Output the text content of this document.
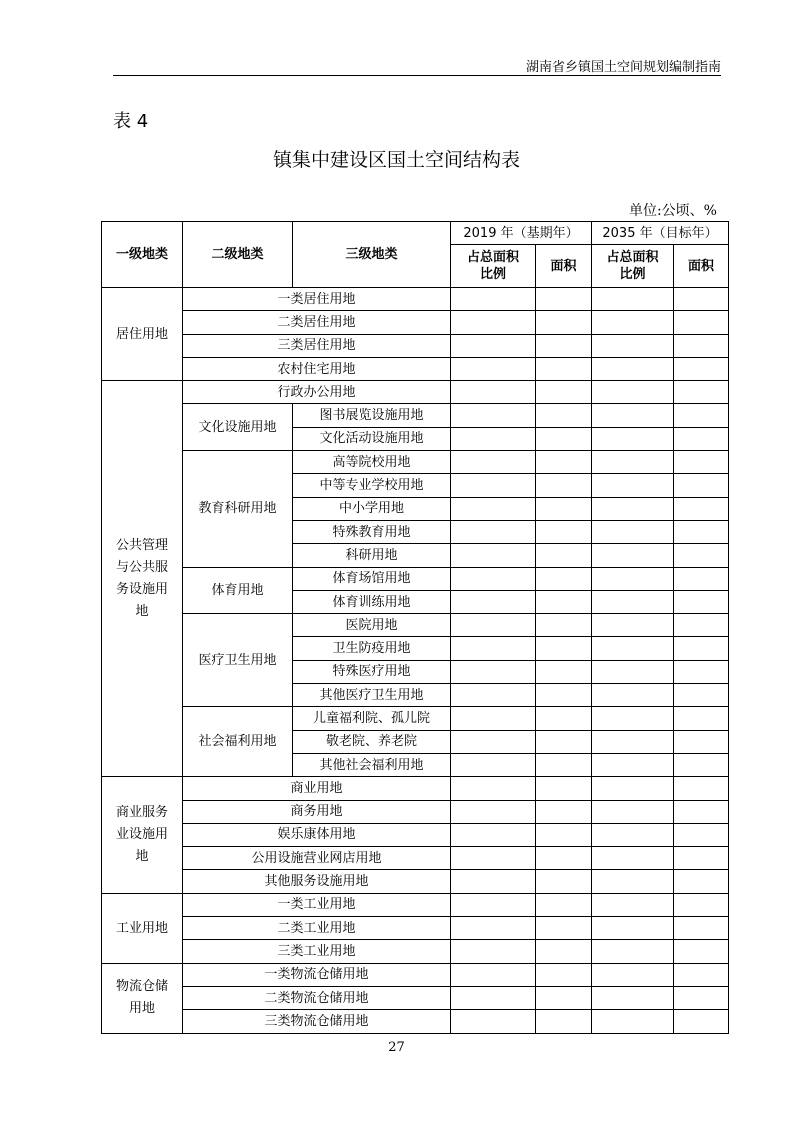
湖南省乡镇国土空间规划编制指南
表 4
镇集中建设区国土空间结构表
单位:公顷、%
一级地类	二级地类	三级地类	2019 年（基期年）		2035 年（目标年）	
			占总面积比例	面积	占总面积比例	面积
居住用地	一类居住用地					
	二类居住用地					
	三类居住用地					
	农村住宅用地					
公共管理与公共服务设施用地	行政办公用地					
	文化设施用地	图书展览设施用地				
		文化活动设施用地				
	教育科研用地	高等院校用地				
		中等专业学校用地				
		中小学用地				
		特殊教育用地				
		科研用地				
	体育用地	体育场馆用地				
		体育训练用地				
	医疗卫生用地	医院用地				
		卫生防疫用地				
		特殊医疗用地				
		其他医疗卫生用地				
	社会福利用地	儿童福利院、孤儿院				
		敬老院、养老院				
		其他社会福利用地				
商业服务业设施用地	商业用地					
	商务用地					
	娱乐康体用地					
	公用设施营业网店用地					
	其他服务设施用地					
工业用地	一类工业用地					
	二类工业用地					
	三类工业用地					
物流仓储用地	一类物流仓储用地					
	二类物流仓储用地					
	三类物流仓储用地					
27
